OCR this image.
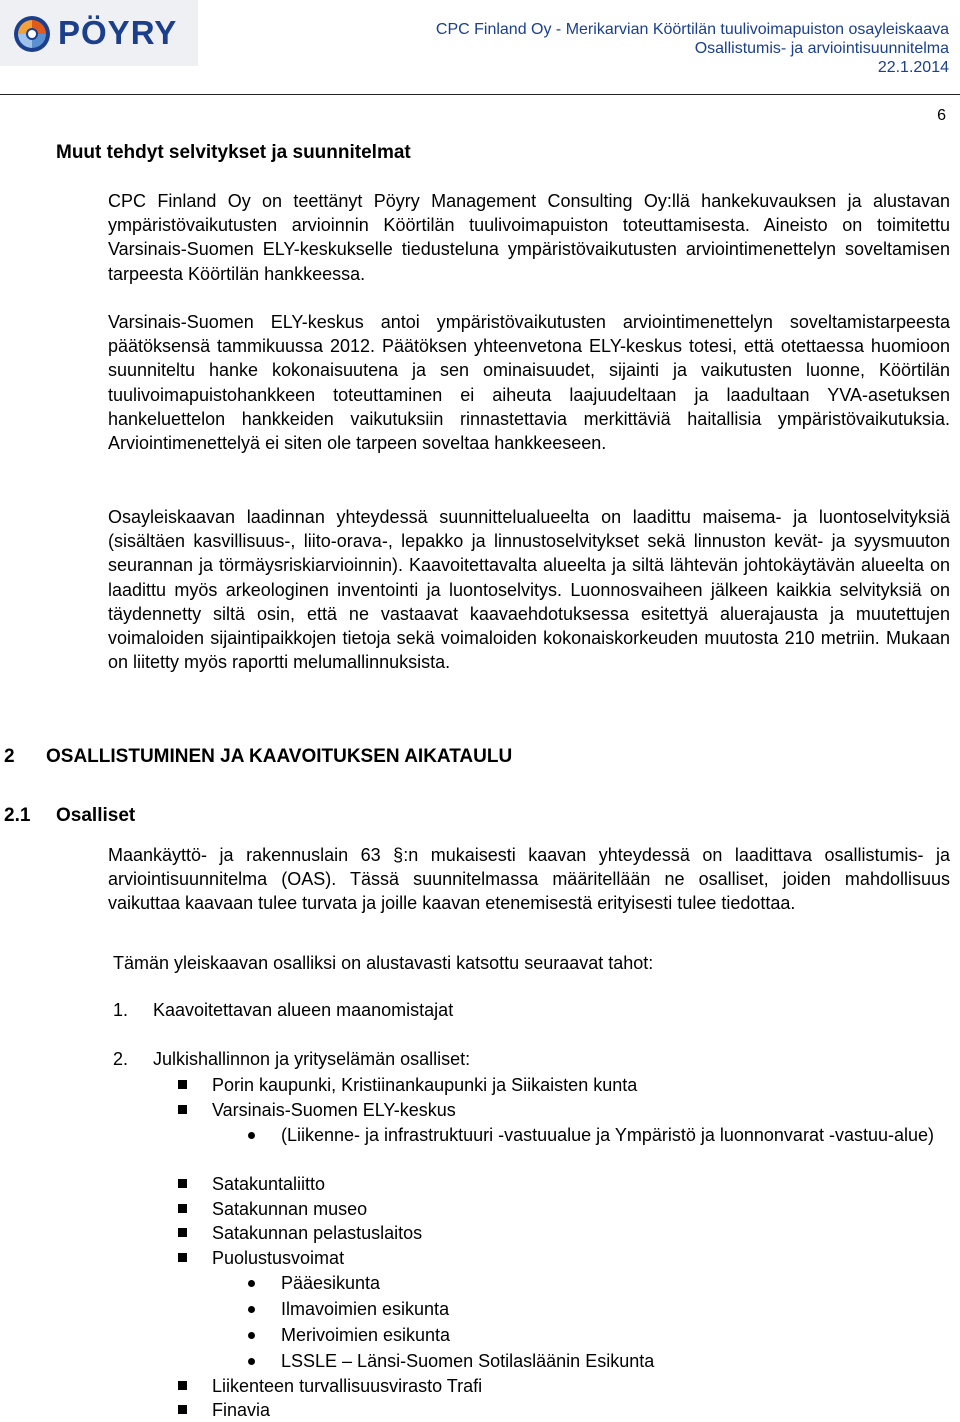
PÖYRY	CPC Finland Oy - Merikarvian Köörtilän tuulivoimapuiston osayleiskaava
Osallistumis- ja arviointisuunnitelma
22.1.2014
6
Muut tehdyt selvitykset ja suunnitelmat
CPC Finland Oy on teettänyt Pöyry Management Consulting Oy:llä hankekuvauksen ja alustavan ympäristövaikutusten arvioinnin Köörtilän tuulivoimapuiston toteuttamisesta. Aineisto on toimitettu Varsinais-Suomen ELY-keskukselle tiedusteluna ympäristövaikutusten arviointimenettelyn soveltamisen tarpeesta Köörtilän hankkeessa.
Varsinais-Suomen ELY-keskus antoi ympäristövaikutusten arviointimenettelyn soveltamistarpeesta päätöksensä tammikuussa 2012. Päätöksen yhteenvetona ELY-keskus totesi, että otettaessa huomioon suunniteltu hanke kokonaisuutena ja sen ominaisuudet, sijainti ja vaikutusten luonne, Köörtilän tuulivoimapuistohankkeen toteuttaminen ei aiheuta laajuudeltaan ja laadultaan YVA-asetuksen hankeluettelon hankkeiden vaikutuksiin rinnastettavia merkittäviä haitallisia ympäristövaikutuksia. Arviointimenettelyä ei siten ole tarpeen soveltaa hankkeeseen.
Osayleiskaavan laadinnan yhteydessä suunnittelualueelta on laadittu maisema- ja luontoselvityksiä (sisältäen kasvillisuus-, liito-orava-, lepakko ja linnustoselvitykset sekä linnuston kevät- ja syysmuuton seurannan ja törmäysriskiarvioinnin). Kaavoitettavalta alueelta ja siltä lähtevän johtokäytävän alueelta on laadittu myös arkeologinen inventointi ja luontoselvitys. Luonnosvaiheen jälkeen kaikkia selvityksiä on täydennetty siltä osin, että ne vastaavat kaavaehdotuksessa esitettyä aluerajausta ja muutettujen voimaloiden sijaintipaikkojen tietoja sekä voimaloiden kokonaiskorkeuden muutosta 210 metriin. Mukaan on liitetty myös raportti melumallinnuksista.
2 OSALLISTUMINEN JA KAAVOITUKSEN AIKATAULU
2.1 Osalliset
Maankäyttö- ja rakennuslain 63 §:n mukaisesti kaavan yhteydessä on laadittava osallistumis- ja arviointisuunnitelma (OAS). Tässä suunnitelmassa määritellään ne osalliset, joiden mahdollisuus vaikuttaa kaavaan tulee turvata ja joille kaavan etenemisestä erityisesti tulee tiedottaa.
Tämän yleiskaavan osalliksi on alustavasti katsottu seuraavat tahot:
1. Kaavoitettavan alueen maanomistajat
2. Julkishallinnon ja yrityselämän osalliset:
Porin kaupunki, Kristiinankaupunki ja Siikaisten kunta
Varsinais-Suomen ELY-keskus
(Liikenne- ja infrastruktuuri -vastuualue ja Ympäristö ja luonnonvarat -vastuu-alue)
Satakuntaliitto
Satakunnan museo
Satakunnan pelastuslaitos
Puolustusvoimat
Pääesikunta
Ilmavoimien esikunta
Merivoimien esikunta
LSSLE – Länsi-Suomen Sotilasläänin Esikunta
Liikenteen turvallisuusvirasto Trafi
Finavia
